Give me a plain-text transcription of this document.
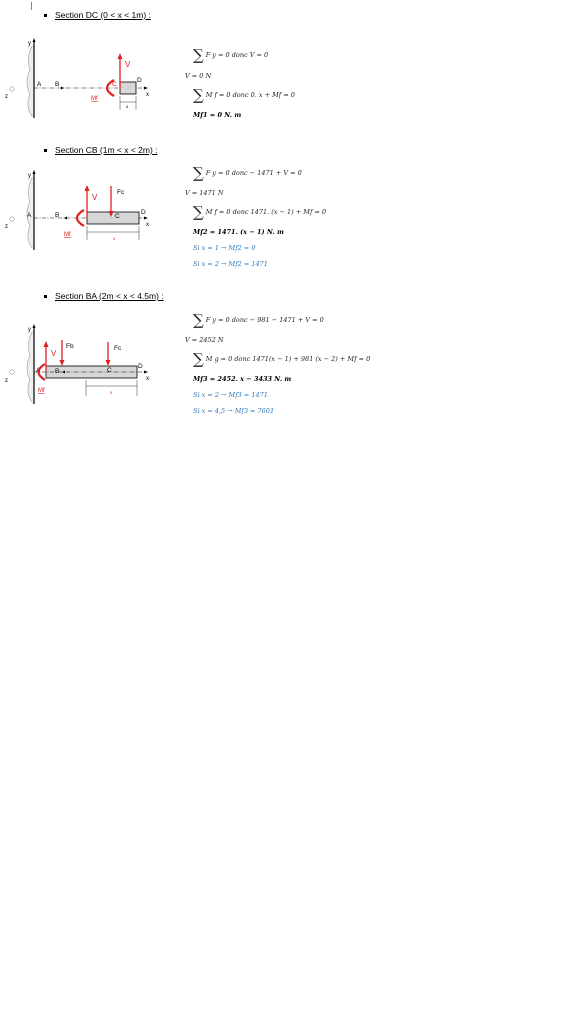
Section DC (0 < x < 1m) :
y
z	x
A B
D
C
V
Mf
x
∑ F y = 0 donc V = 0
V = 0 N
∑ M f = 0 donc 0. x + Mf = 0
Mf1 = 0 N. m
Section CB (1m < x < 2m) :
y
z	x
A	B	D
C
V
Fc
Mf
x
∑ F y = 0 donc − 1471 + V = 0
V = 1471 N
∑ M f = 0 donc 1471. (x − 1) + Mf = 0
Mf2 = 1471. (x − 1) N. m
Si x = 1 → Mf2 = 0
Si x = 2 → Mf2 = 1471
Section BA (2m < x < 4.5m) :
y
z	x
A B
D
C
V
Fb	Fc
Mf	x
∑ F y = 0 donc − 981 − 1471 + V = 0
V = 2452 N
∑ M g = 0 donc 1471(x − 1) + 981 (x − 2) + Mf = 0
Mf3 = 2452. x − 3433 N. m
Si x = 2 → Mf3 = 1471
Si x = 4,5 → Mf3 = 7601
